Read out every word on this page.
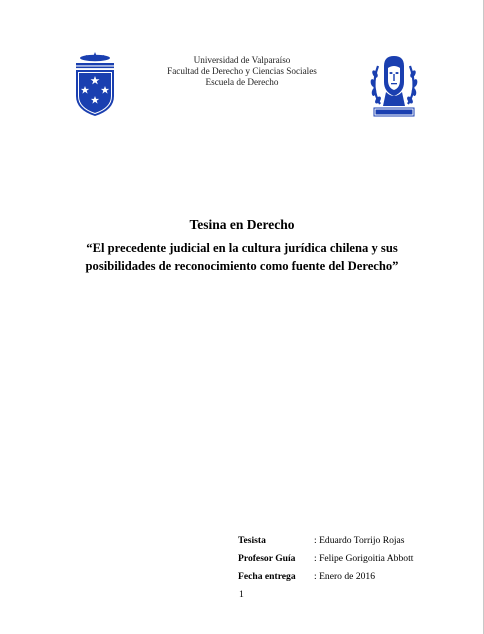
Universidad de Valparaíso
Facultad de Derecho y Ciencias Sociales
Escuela de Derecho
Tesina en Derecho
“El precedente judicial en la cultura jurídica chilena y sus
posibilidades de reconocimiento como fuente del Derecho”
Tesista	: Eduardo Torrijo Rojas
Profesor Guía	: Felipe Gorigoitia Abbott
Fecha entrega	: Enero de 2016
1
